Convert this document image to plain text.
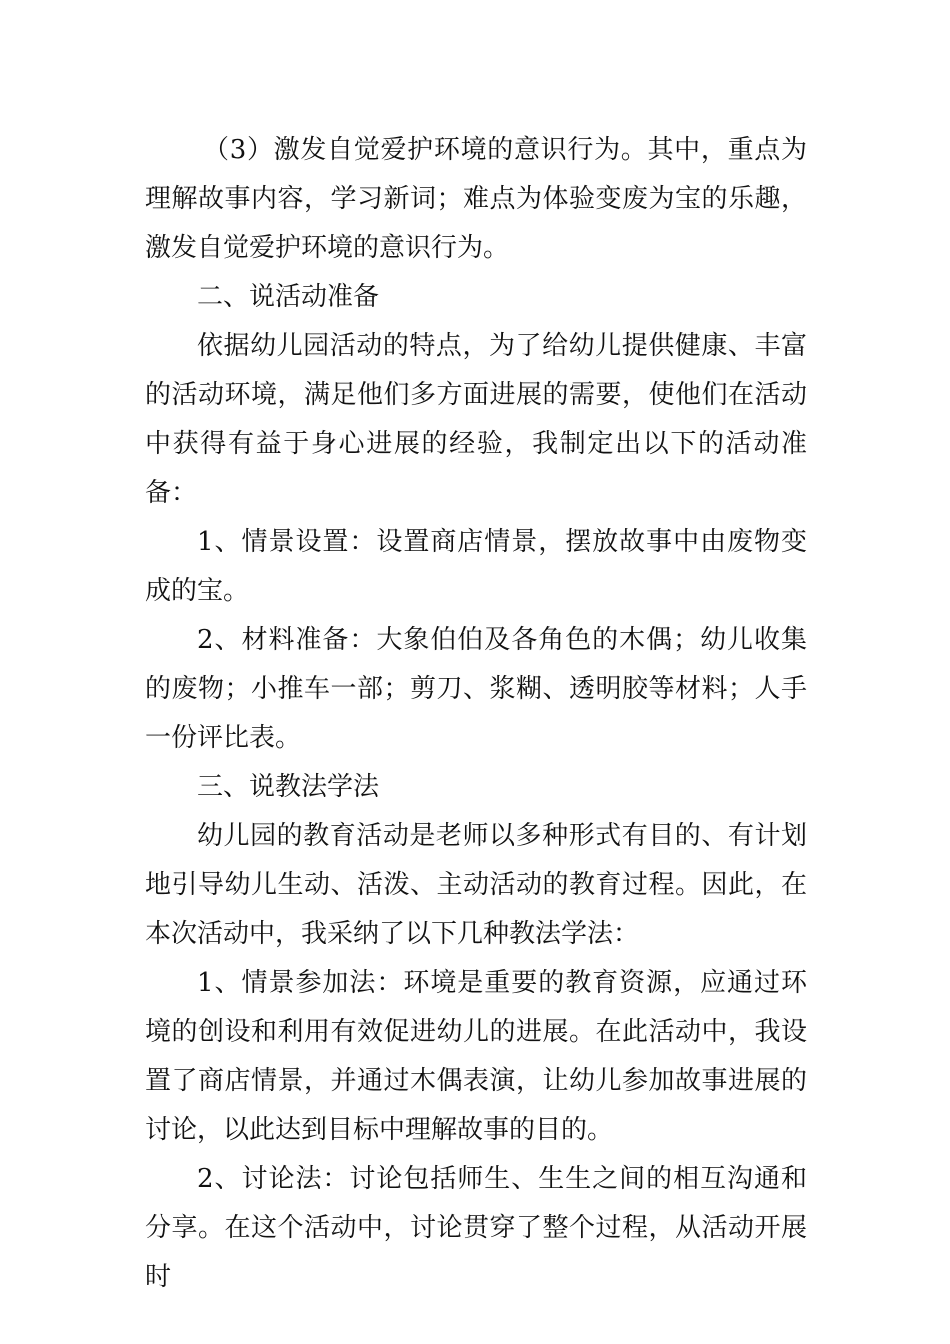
（3）激发自觉爱护环境的意识行为。其中，重点为理解故事内容，学习新词；难点为体验变废为宝的乐趣，激发自觉爱护环境的意识行为。

二、说活动准备

依据幼儿园活动的特点，为了给幼儿提供健康、丰富的活动环境，满足他们多方面进展的需要，使他们在活动中获得有益于身心进展的经验，我制定出以下的活动准备：

1、情景设置：设置商店情景，摆放故事中由废物变成的宝。

2、材料准备：大象伯伯及各角色的木偶；幼儿收集的废物；小推车一部；剪刀、浆糊、透明胶等材料；人手一份评比表。

三、说教法学法

幼儿园的教育活动是老师以多种形式有目的、有计划地引导幼儿生动、活泼、主动活动的教育过程。因此，在本次活动中，我采纳了以下几种教法学法：

1、情景参加法：环境是重要的教育资源，应通过环境的创设和利用有效促进幼儿的进展。在此活动中，我设置了商店情景，并通过木偶表演，让幼儿参加故事进展的讨论，以此达到目标中理解故事的目的。

2、讨论法：讨论包括师生、生生之间的相互沟通和分享。在这个活动中，讨论贯穿了整个过程，从活动开展时
